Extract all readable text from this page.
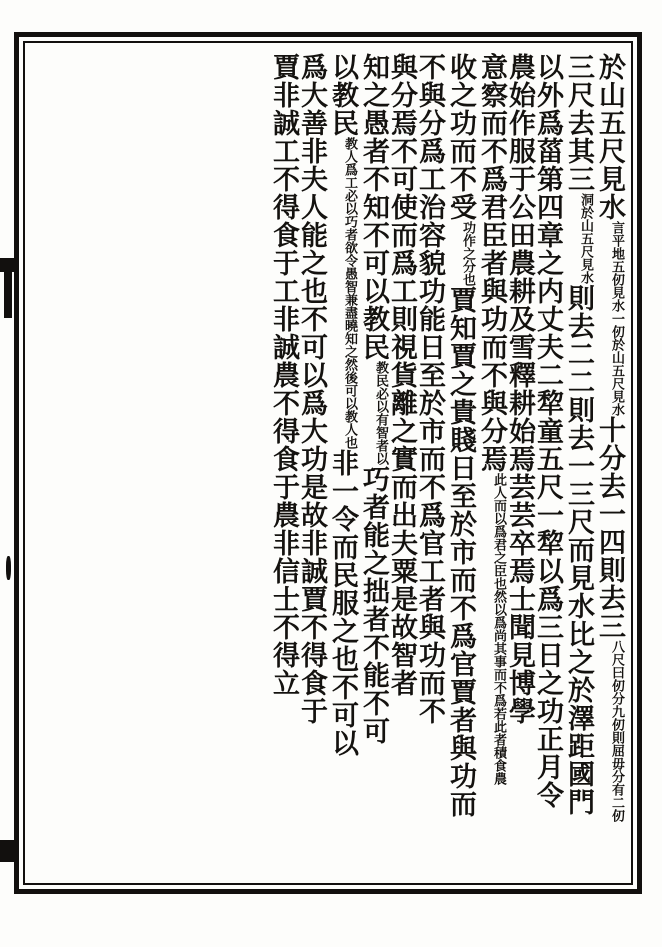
於山五尺見水言平地五仞見水一仞於山五尺見水十分去一四則去三八尺曰仞分九仞則屈毋分有二仞
三尺去其三洞於山五尺見水則去二二則去一三尺而見水比之於澤距國門
以外爲菑第四章之内丈夫二犂童五尺一犂以爲三日之功正月令
農始作服于公田農耕及雪釋耕始焉芸芸卒焉士聞見博學
意察而不爲君臣者與功而不與分焉此人而以爲君之臣也然以爲尚其事而不爲若此者積食農
收之功而不受功作之分也賈知賈之貴賤日至於市而不爲官賈者與功而
不與分爲工治容貌功能日至於市而不爲官工者與功而不
與分焉不可使而爲工則視貨離之實而出夫粟是故智者
知之愚者不知不可以教民教民必以有智者以巧者能之拙者不能不可
以教民教人爲工必以巧者欲令愚智兼盡曉知之然後可以教人也非一令而民服之也不可以
爲大善非夫人能之也不可以爲大功是故非誠賈不得食于
賈非誠工不得食于工非誠農不得食于農非信士不得立
